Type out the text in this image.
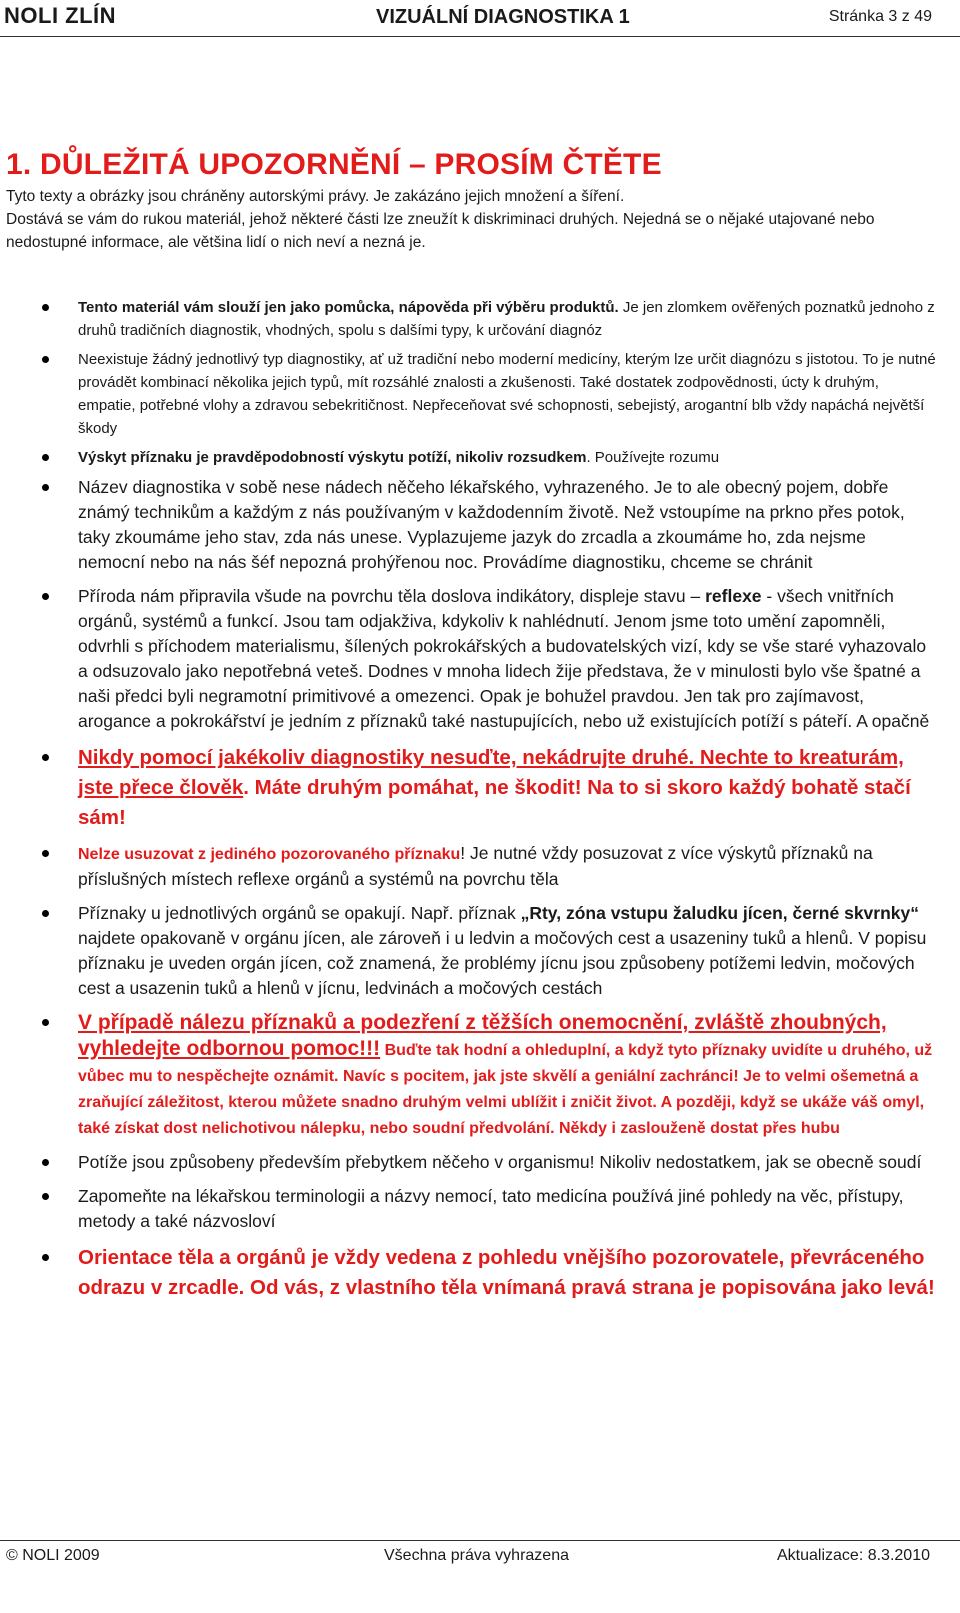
NOLI ZLÍN	VIZUÁLNÍ DIAGNOSTIKA 1	Stránka 3 z 49
1. DŮLEŽITÁ UPOZORNĚNÍ – PROSÍM ČTĚTE

Tyto texty a obrázky jsou chráněny autorskými právy. Je zakázáno jejich množení a šíření.

Dostává se vám do rukou materiál, jehož některé části lze zneužít k diskriminaci druhých. Nejedná se o nějaké utajované nebo nedostupné informace, ale většina lidí o nich neví a nezná je.

Tento materiál vám slouží jen jako pomůcka, nápověda při výběru produktů. Je jen zlomkem ověřených poznatků jednoho z druhů tradičních diagnostik, vhodných, spolu s dalšími typy, k určování diagnóz
Neexistuje žádný jednotlivý typ diagnostiky, ať už tradiční nebo moderní medicíny, kterým lze určit diagnózu s jistotou. To je nutné provádět kombinací několika jejich typů, mít rozsáhlé znalosti a zkušenosti. Také dostatek zodpovědnosti, úcty k druhým, empatie, potřebné vlohy a zdravou sebekritičnost. Nepřeceňovat své schopnosti, sebejistý, arogantní blb vždy napáchá největší škody
Výskyt příznaku je pravděpodobností výskytu potíží, nikoliv rozsudkem. Používejte rozumu
Název diagnostika v sobě nese nádech něčeho lékařského, vyhrazeného. Je to ale obecný pojem, dobře známý technikům a každým z nás používaným v každodenním životě. Než vstoupíme na prkno přes potok, taky zkoumáme jeho stav, zda nás unese. Vyplazujeme jazyk do zrcadla a zkoumáme ho, zda nejsme nemocní nebo na nás šéf nepozná prohýřenou noc. Provádíme diagnostiku, chceme se chránit
Příroda nám připravila všude na povrchu těla doslova indikátory, displeje stavu – reflexe - všech vnitřních orgánů, systémů a funkcí. Jsou tam odjakživa, kdykoliv k nahlédnutí. Jenom jsme toto umění zapomněli, odvrhli s příchodem materialismu, šílených pokrokářských a budovatelských vizí, kdy se vše staré vyhazovalo a odsuzovalo jako nepotřebná veteš. Dodnes v mnoha lidech žije představa, že v minulosti bylo vše špatné a naši předci byli negramotní primitivové a omezenci. Opak je bohužel pravdou. Jen tak pro zajímavost, arogance a pokrokářství je jedním z příznaků také nastupujících, nebo už existujících potíží s páteří. A opačně
Nikdy pomocí jakékoliv diagnostiky nesuďte, nekádrujte druhé. Nechte to kreaturám, jste přece člověk. Máte druhým pomáhat, ne škodit! Na to si skoro každý bohatě stačí sám!
Nelze usuzovat z jediného pozorovaného příznaku! Je nutné vždy posuzovat z více výskytů příznaků na příslušných místech reflexe orgánů a systémů na povrchu těla
Příznaky u jednotlivých orgánů se opakují. Např. příznak „Rty, zóna vstupu žaludku jícen, černé skvrnky“ najdete opakovaně v orgánu jícen, ale zároveň i u ledvin a močových cest a usazeniny tuků a hlenů. V popisu příznaku je uveden orgán jícen, což znamená, že problémy jícnu jsou způsobeny potížemi ledvin, močových cest a usazenin tuků a hlenů v jícnu, ledvinách a močových cestách
V případě nálezu příznaků a podezření z těžších onemocnění, zvláště zhoubných, vyhledejte odbornou pomoc!!! Buďte tak hodní a ohleduplní, a když tyto příznaky uvidíte u druhého, už vůbec mu to nespěchejte oznámit. Navíc s pocitem, jak jste skvělí a geniální zachránci! Je to velmi ošemetná a zraňující záležitost, kterou můžete snadno druhým velmi ublížit i zničit život. A později, když se ukáže váš omyl, také získat dost nelichotivou nálepku, nebo soudní předvolání. Někdy i zaslouženě dostat přes hubu
Potíže jsou způsobeny především přebytkem něčeho v organismu! Nikoliv nedostatkem, jak se obecně soudí
Zapomeňte na lékařskou terminologii a názvy nemocí, tato medicína používá jiné pohledy na věc, přístupy, metody a také názvosloví
Orientace těla a orgánů je vždy vedena z pohledu vnějšího pozorovatele, převráceného odrazu v zrcadle. Od vás, z vlastního těla vnímaná pravá strana je popisována jako levá!
© NOLI 2009	Všechna práva vyhrazena	Aktualizace: 8.3.2010
